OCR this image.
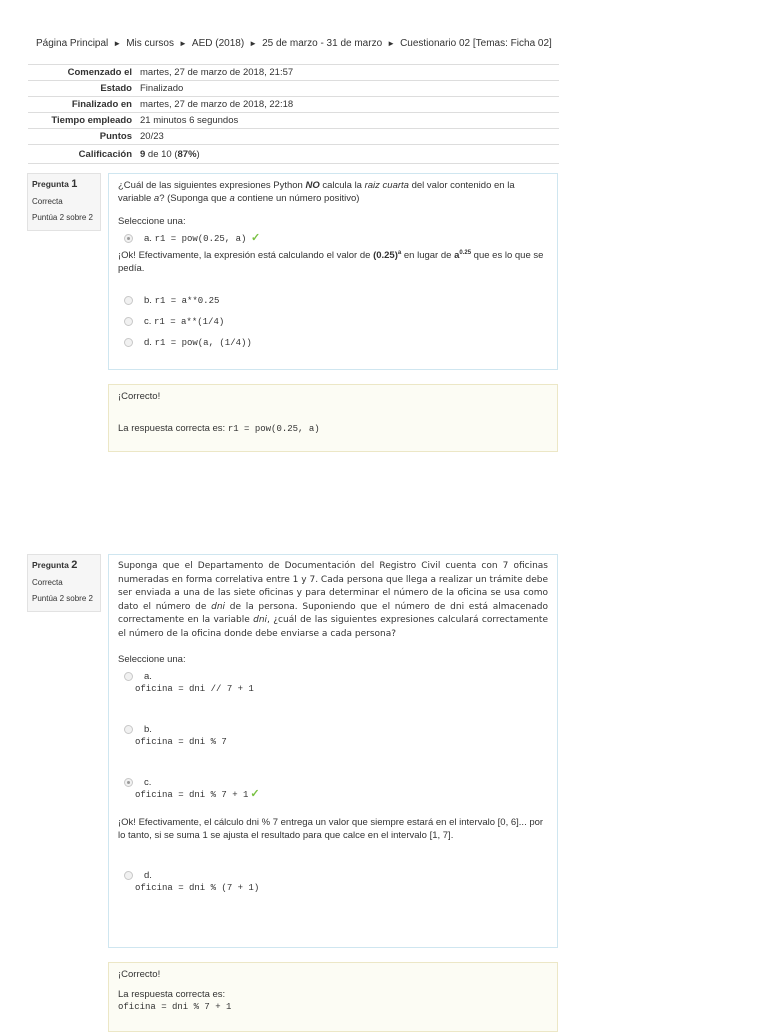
Página Principal ► Mis cursos ► AED (2018) ► 25 de marzo - 31 de marzo ► Cuestionario 02 [Temas: Ficha 02]
Comenzado el	martes, 27 de marzo de 2018, 21:57
Estado	Finalizado
Finalizado en	martes, 27 de marzo de 2018, 22:18
Tiempo empleado	21 minutos 6 segundos
Puntos	20/23
Calificación	9 de 10 (87%)
Pregunta 1
Correcta
Puntúa 2 sobre 2
¿Cuál de las siguientes expresiones Python NO calcula la raiz cuarta del valor contenido en la variable a? (Suponga que a contiene un número positivo)
Seleccione una:
a. r1 = pow(0.25, a) ✓
¡Ok! Efectivamente, la expresión está calculando el valor de $(0.25)^a$ en lugar de $a^{0.25}$ que es lo que se pedía.
b. r1 = a**0.25
c. r1 = a**(1/4)
d. r1 = pow(a, (1/4))
¡Correcto!
La respuesta correcta es: r1 = pow(0.25, a)
Pregunta 2
Correcta
Puntúa 2 sobre 2
Suponga que el Departamento de Documentación del Registro Civil cuenta con 7 oficinas numeradas en forma correlativa entre 1 y 7. Cada persona que llega a realizar un trámite debe ser enviada a una de las siete oficinas y para determinar el número de la oficina se usa como dato el número de dni de la persona. Suponiendo que el número de dni está almacenado correctamente en la variable dni, ¿cuál de las siguientes expresiones calculará correctamente el número de la oficina donde debe enviarse a cada persona?
Seleccione una:
a.
oficina = dni // 7 + 1
b.
oficina = dni % 7
c.
oficina = dni % 7 + 1 ✓
¡Ok! Efectivamente, el cálculo dni % 7 entrega un valor que siempre estará en el intervalo [0, 6]... por lo tanto, si se suma 1 se ajusta el resultado para que calce en el intervalo [1, 7].
d.
oficina = dni % (7 + 1)
¡Correcto!
La respuesta correcta es:
oficina = dni % 7 + 1
